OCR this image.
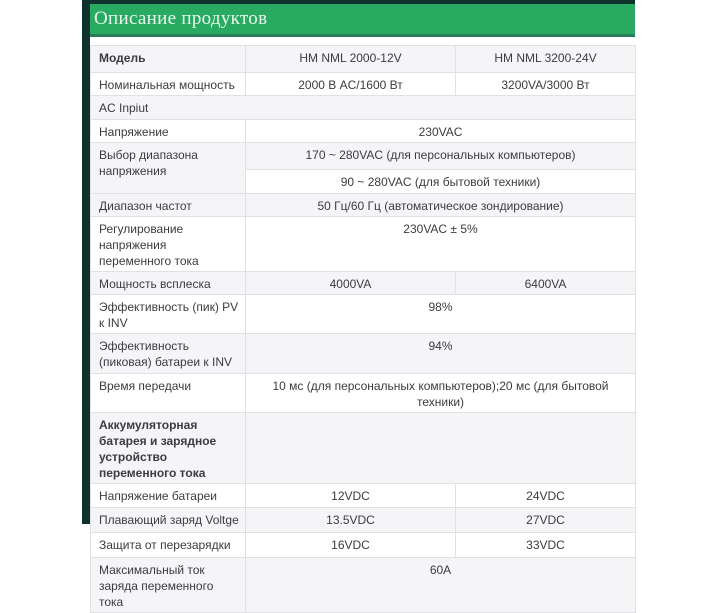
Описание продуктов
Модель	HM NML 2000-12V	HM NML 3200-24V
Номинальная мощность	2000 В AC/1600 Вт	3200VA/3000 Вт
AC Inpiut		
Напряжение	230VAC	
Выбор диапазона напряжения	170 ~ 280VAC (для персональных компьютеров)	
	90 ~ 280VAC (для бытовой техники)	
Диапазон частот	50 Гц/60 Гц (автоматическое зондирование)	
Регулирование напряжения переменного тока	230VAC ± 5%	
Мощность всплеска	4000VA	6400VA
Эффективность (пик) PV к INV	98%	
Эффективность (пиковая) батареи к INV	94%	
Время передачи	10 мс (для персональных компьютеров);20 мс (для бытовой техники)	
Аккумуляторная батарея и зарядное устройство переменного тока		
Напряжение батареи	12VDC	24VDC
Плавающий заряд Voltge	13.5VDC	27VDC
Защита от перезарядки	16VDC	33VDC
Максимальный ток заряда переменного тока	60A	
